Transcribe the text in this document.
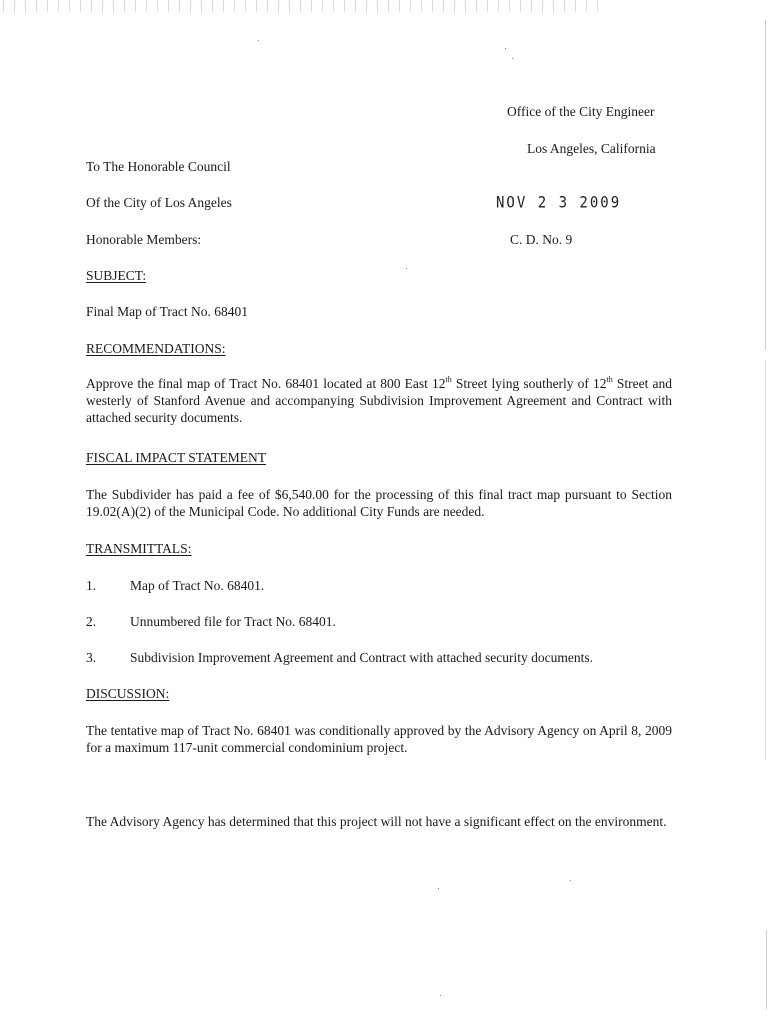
Office of the City Engineer
Los Angeles, California
To The Honorable Council
Of the City of Los Angeles	NOV 2 3 2009
Honorable Members:	C. D. No. 9
SUBJECT:
Final Map of Tract No. 68401
RECOMMENDATIONS:
Approve the final map of Tract No. 68401 located at 800 East 12th Street lying southerly of 12th Street and westerly of Stanford Avenue and accompanying Subdivision Improvement Agreement and Contract with attached security documents.
FISCAL IMPACT STATEMENT
The Subdivider has paid a fee of $6,540.00 for the processing of this final tract map pursuant to Section 19.02(A)(2) of the Municipal Code. No additional City Funds are needed.
TRANSMITTALS:
1.	Map of Tract No. 68401.
2.	Unnumbered file for Tract No. 68401.
3.	Subdivision Improvement Agreement and Contract with attached security documents.
DISCUSSION:
The tentative map of Tract No. 68401 was conditionally approved by the Advisory Agency on April 8, 2009 for a maximum 117-unit commercial condominium project.
The Advisory Agency has determined that this project will not have a significant effect on the environment.
